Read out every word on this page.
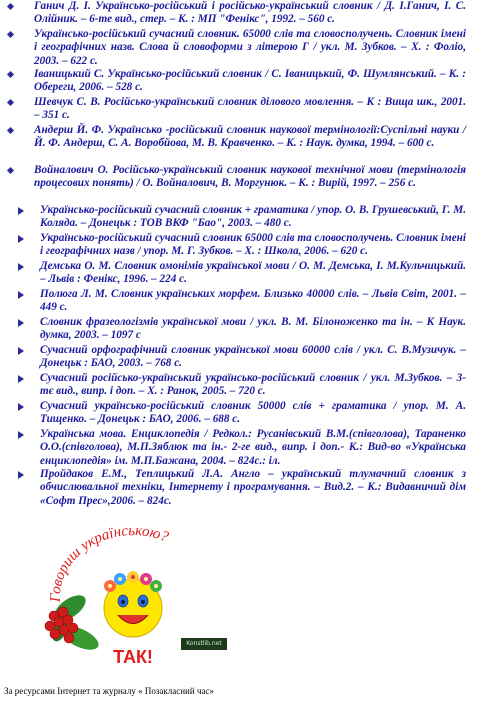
Ганич Д. І. Українсько-російський і російсько-український словник / Д. І.Ганич, І. С. Олійник. – 6-те вид., стер. – К. : МП "Фенікс", 1992. – 560 с.
Українсько-російський сучасний словник. 65000 слів та словосполучень. Словник імені і географічних назв. Слова й словоформи з літерою Г / укл. М. Зубков. – Х. : Фоліо, 2003. – 622 с.
Іваницький С. Українсько-російський словник / С. Іваницький, Ф. Шумлянський. – К. : Обереги, 2006. – 528 с.
Шевчук С. В. Російсько-український словник ділового мовлення. – К : Вища шк., 2001. – 351 с.
Андерш Й. Ф. Українсько -російський словник наукової термінології:Суспільні науки / Й. Ф. Андерш, С. А. Воробйова, М. В. Кравченко. – К. : Наук. думка, 1994. – 600 с.
Войналович О. Російсько-український словник наукової технічної мови (термінологія процесових понять) / О. Войналович, В. Моргунюк. – К. : Вирій, 1997. – 256 с.
Українсько-російський сучасний словник + граматика / упор. О. В. Грушевський, Г. М. Коляда. – Донецьк : ТОВ ВКФ "Бао", 2003. – 480 с.
Українсько-російський сучасний словник 65000 слів та словосполучень. Словник імені і географічних назв / упор. М. Г. Зубков. – Х. : Школа, 2006. – 620 с.
Демська О. М. Словник омонімів української мови / О. М. Демська, І. М.Кульчицький. – Львів : Фенікс, 1996. – 224 с.
Полюга Л. М. Словник українських морфем. Близько 40000 слів. – Львів Світ, 2001. – 449 с.
Словник фразеологізмів української мови / укл. В. М. Білоноженко та ін. – К Наук. думка, 2003. – 1097 с
Сучасний орфографічний словник української мови 60000 слів / укл. С. В.Музичук. – Донецьк : БАО, 2003. – 768 с.
Сучасний російсько-український українсько-російський словник / укл. М.Зубков. – 3-тє вид., випр. і доп. – Х. : Ранок, 2005. – 720 с.
Сучасний українсько-російський словник 50000 слів + граматика / упор. М. А. Тищенко. – Донецьк : БАО, 2006. – 688 с.
Українська мова. Енциклопедія / Редкол.: Русанівський В.М.(співголова), Тараненко О.О.(співголова), М.П.Зяблюк та ін.- 2-ге вид., випр. і доп.- К.: Вид-во «Українська енциклопедія» ім. М.П.Бажана, 2004. – 824с.: іл.
Пройдаков Е.М., Теплицький Л.А. Англо – український тлумачний словник з обчислювальної техніки, Інтернету і програмування. – Вид.2. – К.: Видавничий дім «Софт Прес»,2006. – 824с.
Говориш українською?
ТАК!
Konstlib.net
За ресурсами Інтернет та журналу « Позакласний час»
